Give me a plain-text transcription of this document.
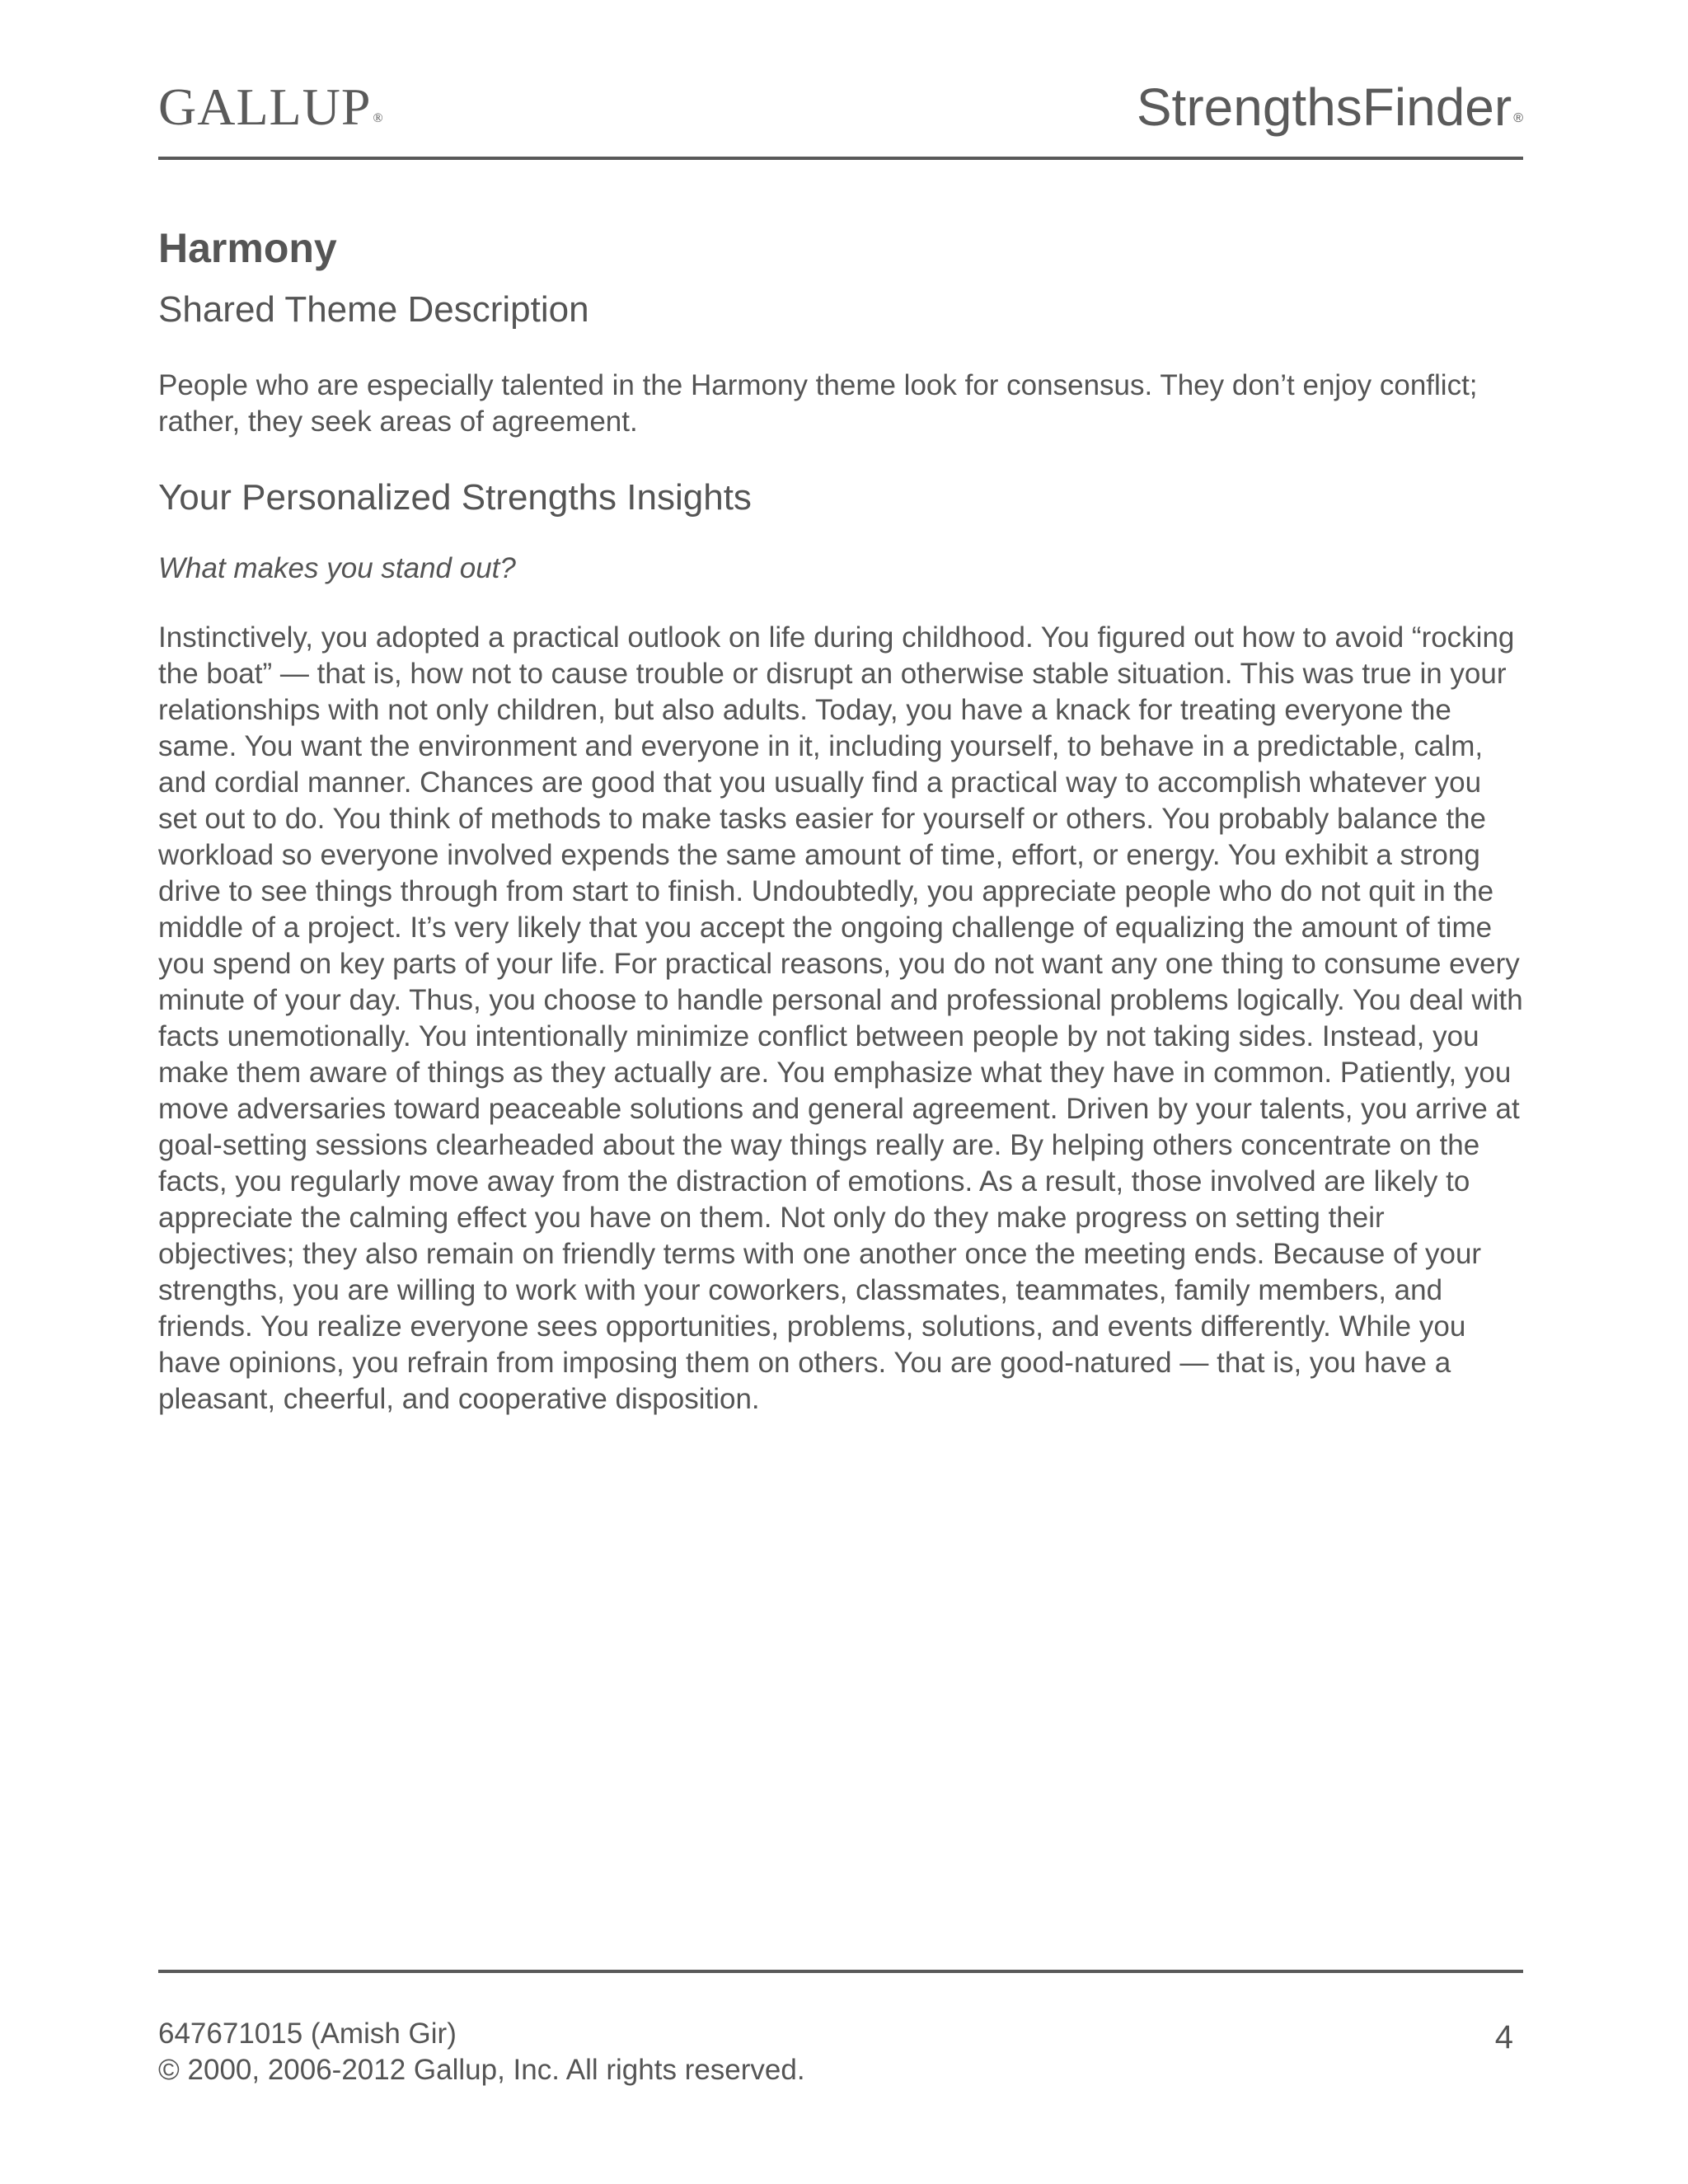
GALLUP ®	StrengthsFinder ®
Harmony
Shared Theme Description

People who are especially talented in the Harmony theme look for consensus. They don’t enjoy conflict; rather, they seek areas of agreement.

Your Personalized Strengths Insights

What makes you stand out?

Instinctively, you adopted a practical outlook on life during childhood. You figured out how to avoid “rocking the boat” — that is, how not to cause trouble or disrupt an otherwise stable situation. This was true in your relationships with not only children, but also adults. Today, you have a knack for treating everyone the same. You want the environment and everyone in it, including yourself, to behave in a predictable, calm, and cordial manner. Chances are good that you usually find a practical way to accomplish whatever you set out to do. You think of methods to make tasks easier for yourself or others. You probably balance the workload so everyone involved expends the same amount of time, effort, or energy. You exhibit a strong drive to see things through from start to finish. Undoubtedly, you appreciate people who do not quit in the middle of a project. It’s very likely that you accept the ongoing challenge of equalizing the amount of time you spend on key parts of your life. For practical reasons, you do not want any one thing to consume every minute of your day. Thus, you choose to handle personal and professional problems logically. You deal with facts unemotionally. You intentionally minimize conflict between people by not taking sides. Instead, you make them aware of things as they actually are. You emphasize what they have in common. Patiently, you move adversaries toward peaceable solutions and general agreement. Driven by your talents, you arrive at goal-setting sessions clearheaded about the way things really are. By helping others concentrate on the facts, you regularly move away from the distraction of emotions. As a result, those involved are likely to appreciate the calming effect you have on them. Not only do they make progress on setting their objectives; they also remain on friendly terms with one another once the meeting ends. Because of your strengths, you are willing to work with your coworkers, classmates, teammates, family members, and friends. You realize everyone sees opportunities, problems, solutions, and events differently. While you have opinions, you refrain from imposing them on others. You are good-natured — that is, you have a pleasant, cheerful, and cooperative disposition.

647671015 (Amish Gir)
© 2000, 2006-2012 Gallup, Inc. All rights reserved.
4
